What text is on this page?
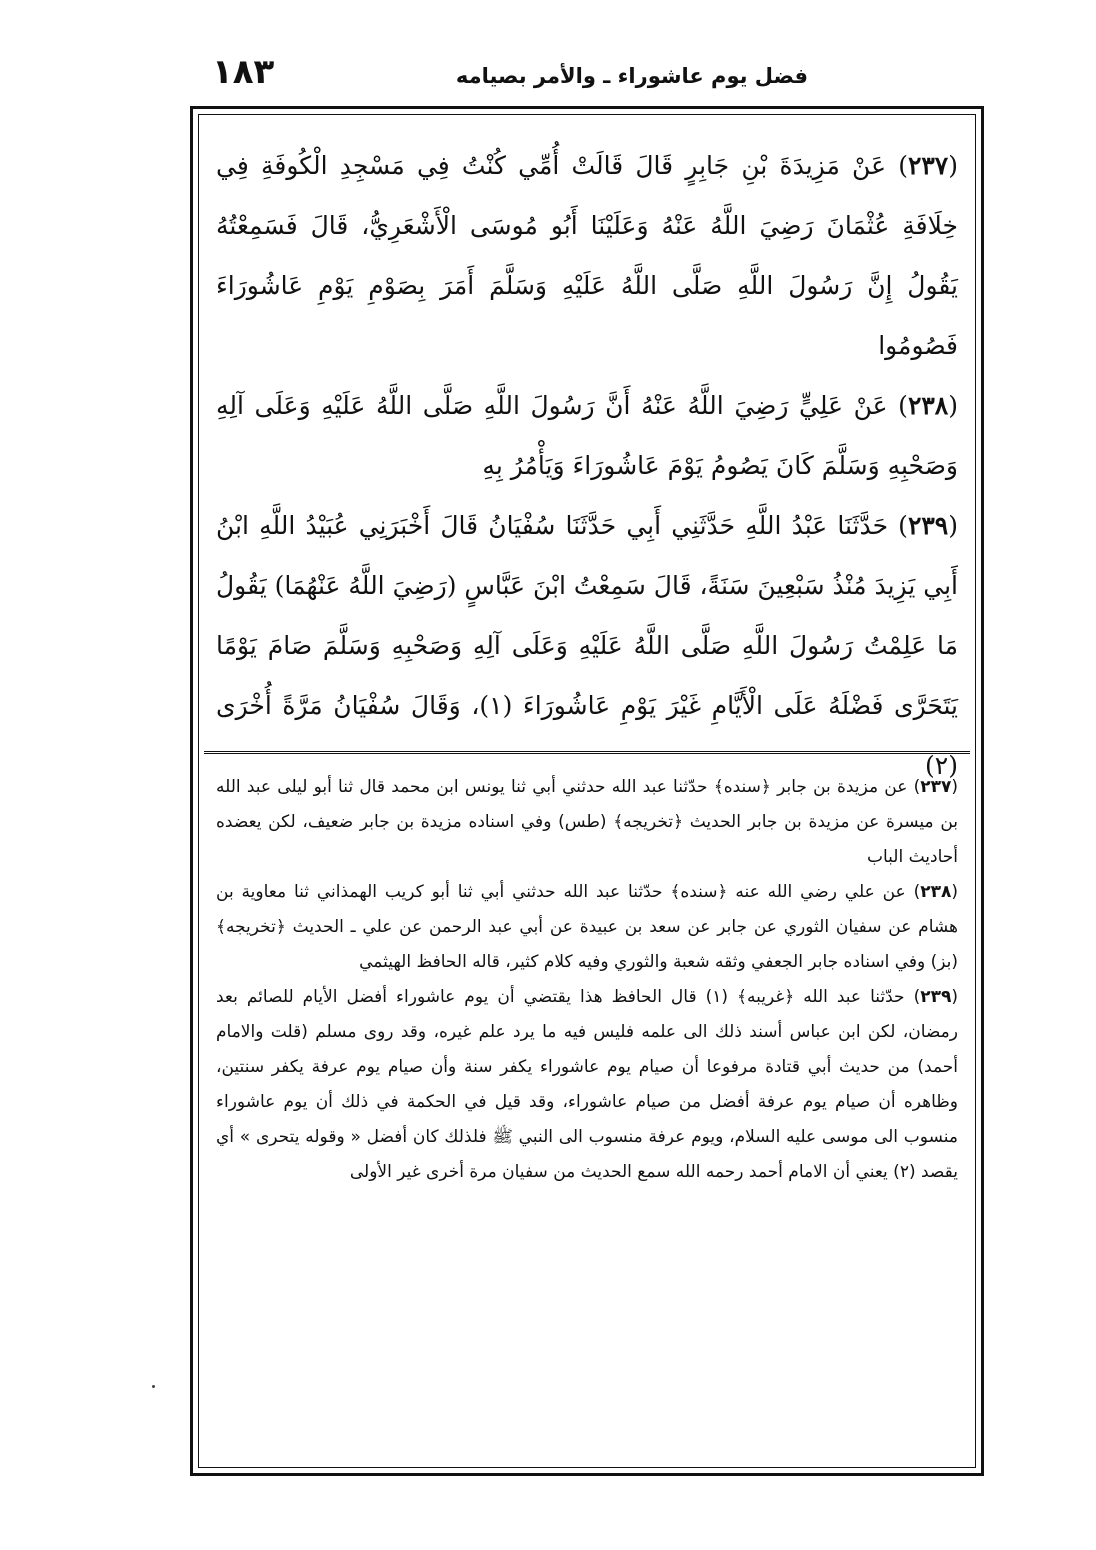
١٨٣	فضل يوم عاشوراء ـ والأمر بصيامه

(٢٣٧) عَنْ مَزِيدَةَ بْنِ جَابِرٍ قَالَ قَالَتْ أُمِّي كُنْتُ فِي مَسْجِدِ الْكُوفَةِ فِي خِلَافَةِ عُثْمَانَ رَضِيَ اللَّهُ عَنْهُ وَعَلَيْنَا أَبُو مُوسَى الْأَشْعَرِيُّ، قَالَ فَسَمِعْتُهُ يَقُولُ إِنَّ رَسُولَ اللَّهِ صَلَّى اللَّهُ عَلَيْهِ وَسَلَّمَ أَمَرَ بِصَوْمِ يَوْمِ عَاشُورَاءَ فَصُومُوا

(٢٣٨) عَنْ عَلِيٍّ رَضِيَ اللَّهُ عَنْهُ أَنَّ رَسُولَ اللَّهِ صَلَّى اللَّهُ عَلَيْهِ وَعَلَى آلِهِ وَصَحْبِهِ وَسَلَّمَ كَانَ يَصُومُ يَوْمَ عَاشُورَاءَ وَيَأْمُرُ بِهِ

(٢٣٩) حَدَّثَنَا عَبْدُ اللَّهِ حَدَّثَنِي أَبِي حَدَّثَنَا سُفْيَانُ قَالَ أَخْبَرَنِي عُبَيْدُ اللَّهِ ابْنُ أَبِي يَزِيدَ مُنْذُ سَبْعِينَ سَنَةً، قَالَ سَمِعْتُ ابْنَ عَبَّاسٍ (رَضِيَ اللَّهُ عَنْهُمَا) يَقُولُ مَا عَلِمْتُ رَسُولَ اللَّهِ صَلَّى اللَّهُ عَلَيْهِ وَعَلَى آلِهِ وَصَحْبِهِ وَسَلَّمَ صَامَ يَوْمًا يَتَحَرَّى فَضْلَهُ عَلَى الْأَيَّامِ غَيْرَ يَوْمِ عَاشُورَاءَ (١)، وَقَالَ سُفْيَانُ مَرَّةً أُخْرَى (٢)

(٢٣٧) عن مزيدة بن جابر ﴿سنده﴾ حدّثنا عبد الله حدثني أبي ثنا يونس ابن محمد قال ثنا أبو ليلى عبد الله بن ميسرة عن مزيدة بن جابر الحديث ﴿تخريجه﴾ (طس) وفي اسناده مزيدة بن جابر ضعيف، لكن يعضده أحاديث الباب

(٢٣٨) عن علي رضي الله عنه ﴿سنده﴾ حدّثنا عبد الله حدثني أبي ثنا أبو كريب الهمذاني ثنا معاوية بن هشام عن سفيان الثوري عن جابر عن سعد بن عبيدة عن أبي عبد الرحمن عن علي ـ الحديث ﴿تخريجه﴾ (بز) وفي اسناده جابر الجعفي وثقه شعبة والثوري وفيه كلام كثير، قاله الحافظ الهيثمي

(٢٣٩) حدّثنا عبد الله ﴿غريبه﴾ (١) قال الحافظ هذا يقتضي أن يوم عاشوراء أفضل الأيام للصائم بعد رمضان، لكن ابن عباس أسند ذلك الى علمه فليس فيه ما يرد علم غيره، وقد روى مسلم (قلت والامام أحمد) من حديث أبي قتادة مرفوعا أن صيام يوم عاشوراء يكفر سنة وأن صيام يوم عرفة يكفر سنتين، وظاهره أن صيام يوم عرفة أفضل من صيام عاشوراء، وقد قيل في الحكمة في ذلك أن يوم عاشوراء منسوب الى موسى عليه السلام، ويوم عرفة منسوب الى النبي ﷺ فلذلك كان أفضل « وقوله يتحرى » أي يقصد (٢) يعني أن الامام أحمد رحمه الله سمع الحديث من سفيان مرة أخرى غير الأولى
